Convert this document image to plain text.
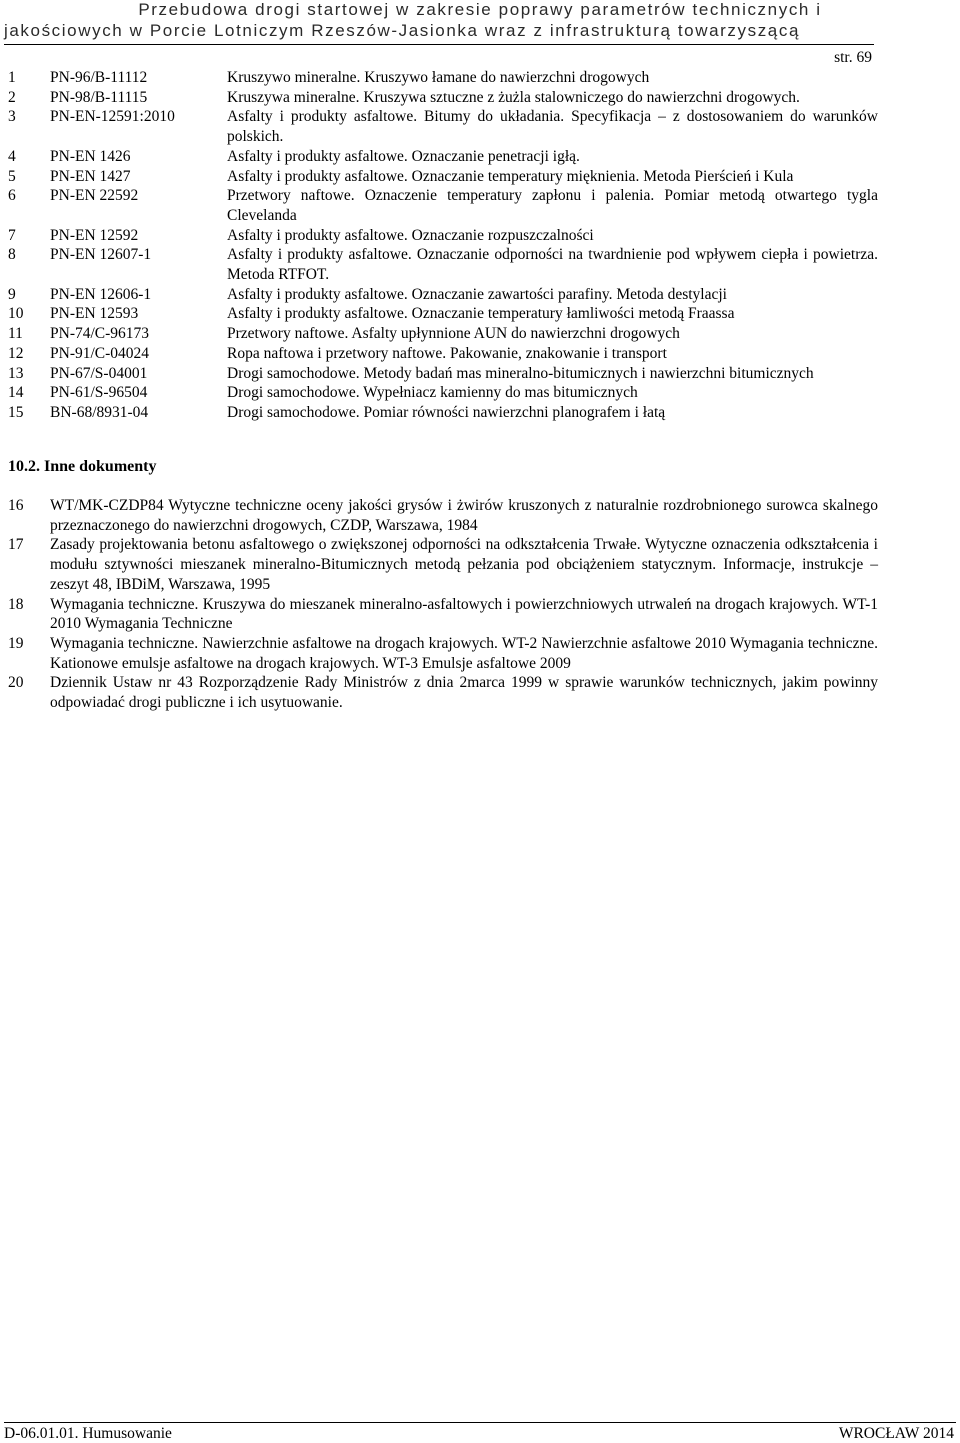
Przebudowa drogi startowej w zakresie poprawy parametrów technicznych i
jakościowych w Porcie Lotniczym Rzeszów-Jasionka wraz z infrastrukturą towarzyszącą
str. 69
1	PN-96/B-11112	Kruszywo mineralne. Kruszywo łamane do nawierzchni drogowych
2	PN-98/B-11115	Kruszywa mineralne. Kruszywa sztuczne z żużla stalowniczego do nawierzchni drogowych.
3	PN-EN-12591:2010	Asfalty i produkty asfaltowe. Bitumy do układania. Specyfikacja – z dostosowaniem do warunków polskich.
4	PN-EN 1426	Asfalty i produkty asfaltowe. Oznaczanie penetracji igłą.
5	PN-EN 1427	Asfalty i produkty asfaltowe. Oznaczanie temperatury mięknienia. Metoda Pierścień i Kula
6	PN-EN 22592	Przetwory naftowe. Oznaczenie temperatury zapłonu i palenia. Pomiar metodą otwartego tygla Clevelanda
7	PN-EN 12592	Asfalty i produkty asfaltowe. Oznaczanie rozpuszczalności
8	PN-EN 12607-1	Asfalty i produkty asfaltowe. Oznaczanie odporności na twardnienie pod wpływem ciepła i powietrza. Metoda RTFOT.
9	PN-EN 12606-1	Asfalty i produkty asfaltowe. Oznaczanie zawartości parafiny. Metoda destylacji
10	PN-EN 12593	Asfalty i produkty asfaltowe. Oznaczanie temperatury łamliwości metodą Fraassa
11	PN-74/C-96173	Przetwory naftowe. Asfalty upłynnione AUN do nawierzchni drogowych
12	PN-91/C-04024	Ropa naftowa i przetwory naftowe. Pakowanie, znakowanie i transport
13	PN-67/S-04001	Drogi samochodowe. Metody badań mas mineralno-bitumicznych i nawierzchni bitumicznych
14	PN-61/S-96504	Drogi samochodowe. Wypełniacz kamienny do mas bitumicznych
15	BN-68/8931-04	Drogi samochodowe. Pomiar równości nawierzchni planografem i łatą
10.2. Inne dokumenty
16	WT/MK-CZDP84 Wytyczne techniczne oceny jakości grysów i żwirów kruszonych z naturalnie rozdrobnionego surowca skalnego przeznaczonego do nawierzchni drogowych, CZDP, Warszawa, 1984
17	Zasady projektowania betonu asfaltowego o zwiększonej odporności na odkształcenia Trwałe. Wytyczne oznaczenia odkształcenia i modułu sztywności mieszanek mineralno-Bitumicznych metodą pełzania pod obciążeniem statycznym. Informacje, instrukcje – zeszyt 48, IBDiM, Warszawa, 1995
18	Wymagania techniczne. Kruszywa do mieszanek mineralno-asfaltowych i powierzchniowych utrwaleń na drogach krajowych. WT-1 2010 Wymagania Techniczne
19	Wymagania techniczne. Nawierzchnie asfaltowe na drogach krajowych. WT-2 Nawierzchnie asfaltowe 2010 Wymagania techniczne. Kationowe emulsje asfaltowe na drogach krajowych. WT-3 Emulsje asfaltowe 2009
20	Dziennik Ustaw nr 43 Rozporządzenie Rady Ministrów z dnia 2marca 1999 w sprawie warunków technicznych, jakim powinny odpowiadać drogi publiczne i ich usytuowanie.
D-06.01.01. Humusowanie	WROCŁAW 2014
